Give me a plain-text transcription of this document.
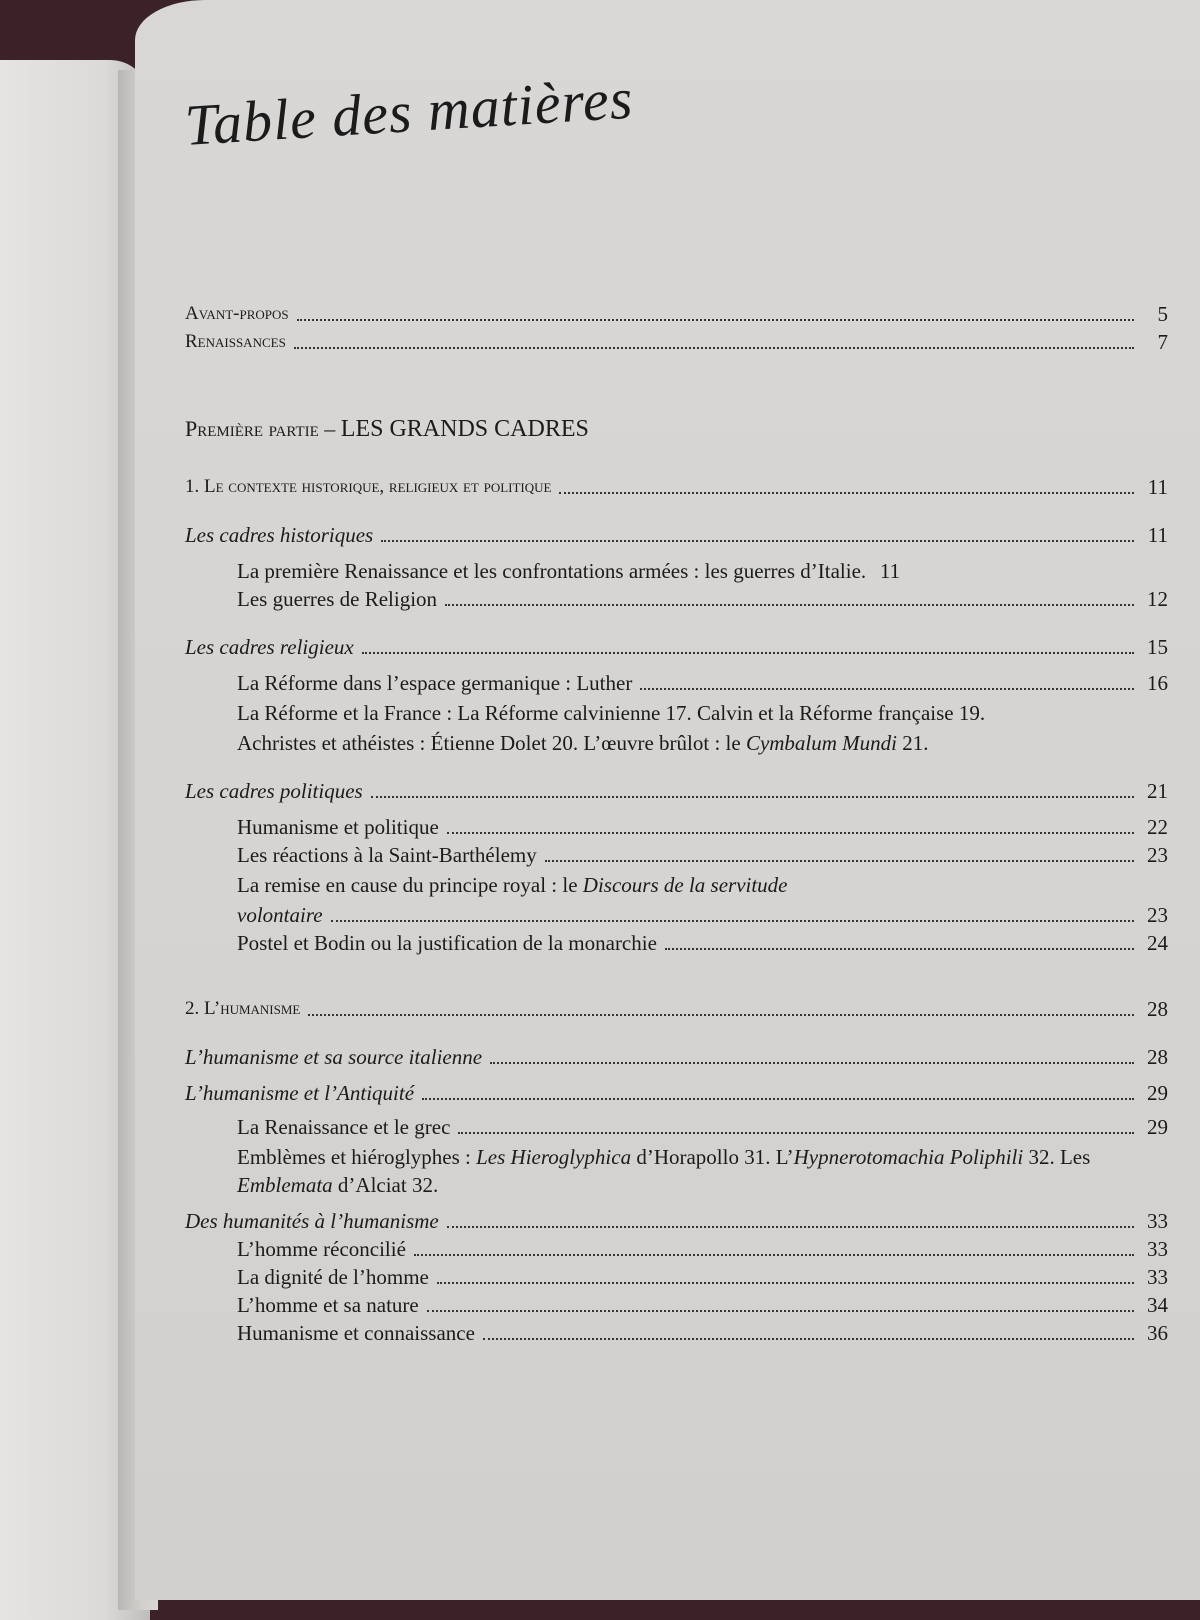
Table des matières
Avant-propos	5
Renaissances	7
Première partie – LES GRANDS CADRES
1. Le contexte historique, religieux et politique	11
Les cadres historiques	11
La première Renaissance et les confrontations armées : les guerres d’Italie. 11
Les guerres de Religion	12
Les cadres religieux	15
La Réforme dans l’espace germanique : Luther	16
La Réforme et la France : La Réforme calvinienne 17. Calvin et la Réforme française 19.
Achristes et athéistes : Étienne Dolet 20. L’œuvre brûlot : le Cymbalum Mundi 21.
Les cadres politiques	21
Humanisme et politique	22
Les réactions à la Saint-Barthélemy	23
La remise en cause du principe royal : le Discours de la servitude
volontaire	23
Postel et Bodin ou la justification de la monarchie	24
2. L’humanisme	28
L’humanisme et sa source italienne	28
L’humanisme et l’Antiquité	29
La Renaissance et le grec	29
Emblèmes et hiéroglyphes : Les Hieroglyphica d’Horapollo 31. L’Hypnerotomachia Poliphili 32. Les Emblemata d’Alciat 32.
Des humanités à l’humanisme	33
L’homme réconcilié	33
La dignité de l’homme	33
L’homme et sa nature	34
Humanisme et connaissance	36
